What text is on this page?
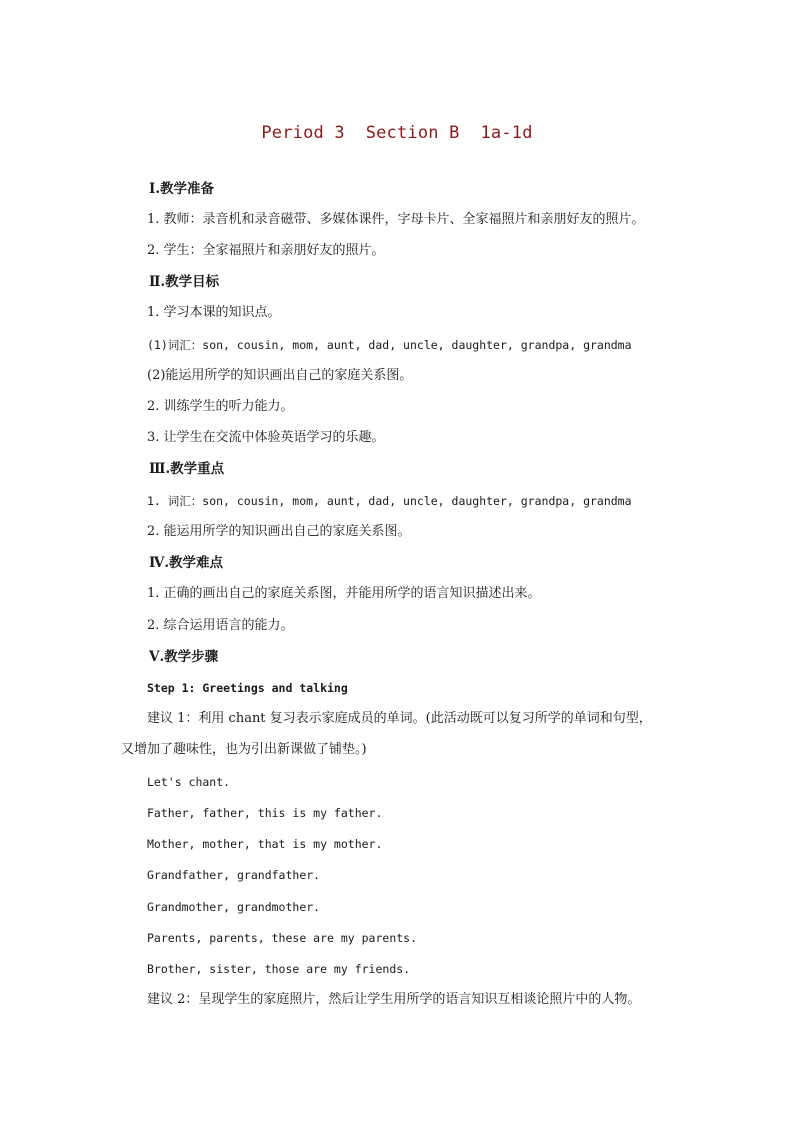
Period 3  Section B  1a-1d
Ⅰ.教学准备
1. 教师：录音机和录音磁带、多媒体课件，字母卡片、全家福照片和亲朋好友的照片。
2. 学生：全家福照片和亲朋好友的照片。
Ⅱ.教学目标
1. 学习本课的知识点。
(1)词汇：son, cousin, mom, aunt, dad, uncle, daughter, grandpa, grandma
(2)能运用所学的知识画出自己的家庭关系图。
2. 训练学生的听力能力。
3. 让学生在交流中体验英语学习的乐趣。
Ⅲ.教学重点
1. 词汇：son, cousin, mom, aunt, dad, uncle, daughter, grandpa, grandma
2. 能运用所学的知识画出自己的家庭关系图。
Ⅳ.教学难点
1. 正确的画出自己的家庭关系图，并能用所学的语言知识描述出来。
2. 综合运用语言的能力。
Ⅴ.教学步骤
Step 1: Greetings and talking
建议 1：利用 chant 复习表示家庭成员的单词。(此活动既可以复习所学的单词和句型，
又增加了趣味性，也为引出新课做了铺垫。)
Let's chant.
Father, father, this is my father.
Mother, mother, that is my mother.
Grandfather, grandfather.
Grandmother, grandmother.
Parents, parents, these are my parents.
Brother, sister, those are my friends.
建议 2：呈现学生的家庭照片，然后让学生用所学的语言知识互相谈论照片中的人物。
